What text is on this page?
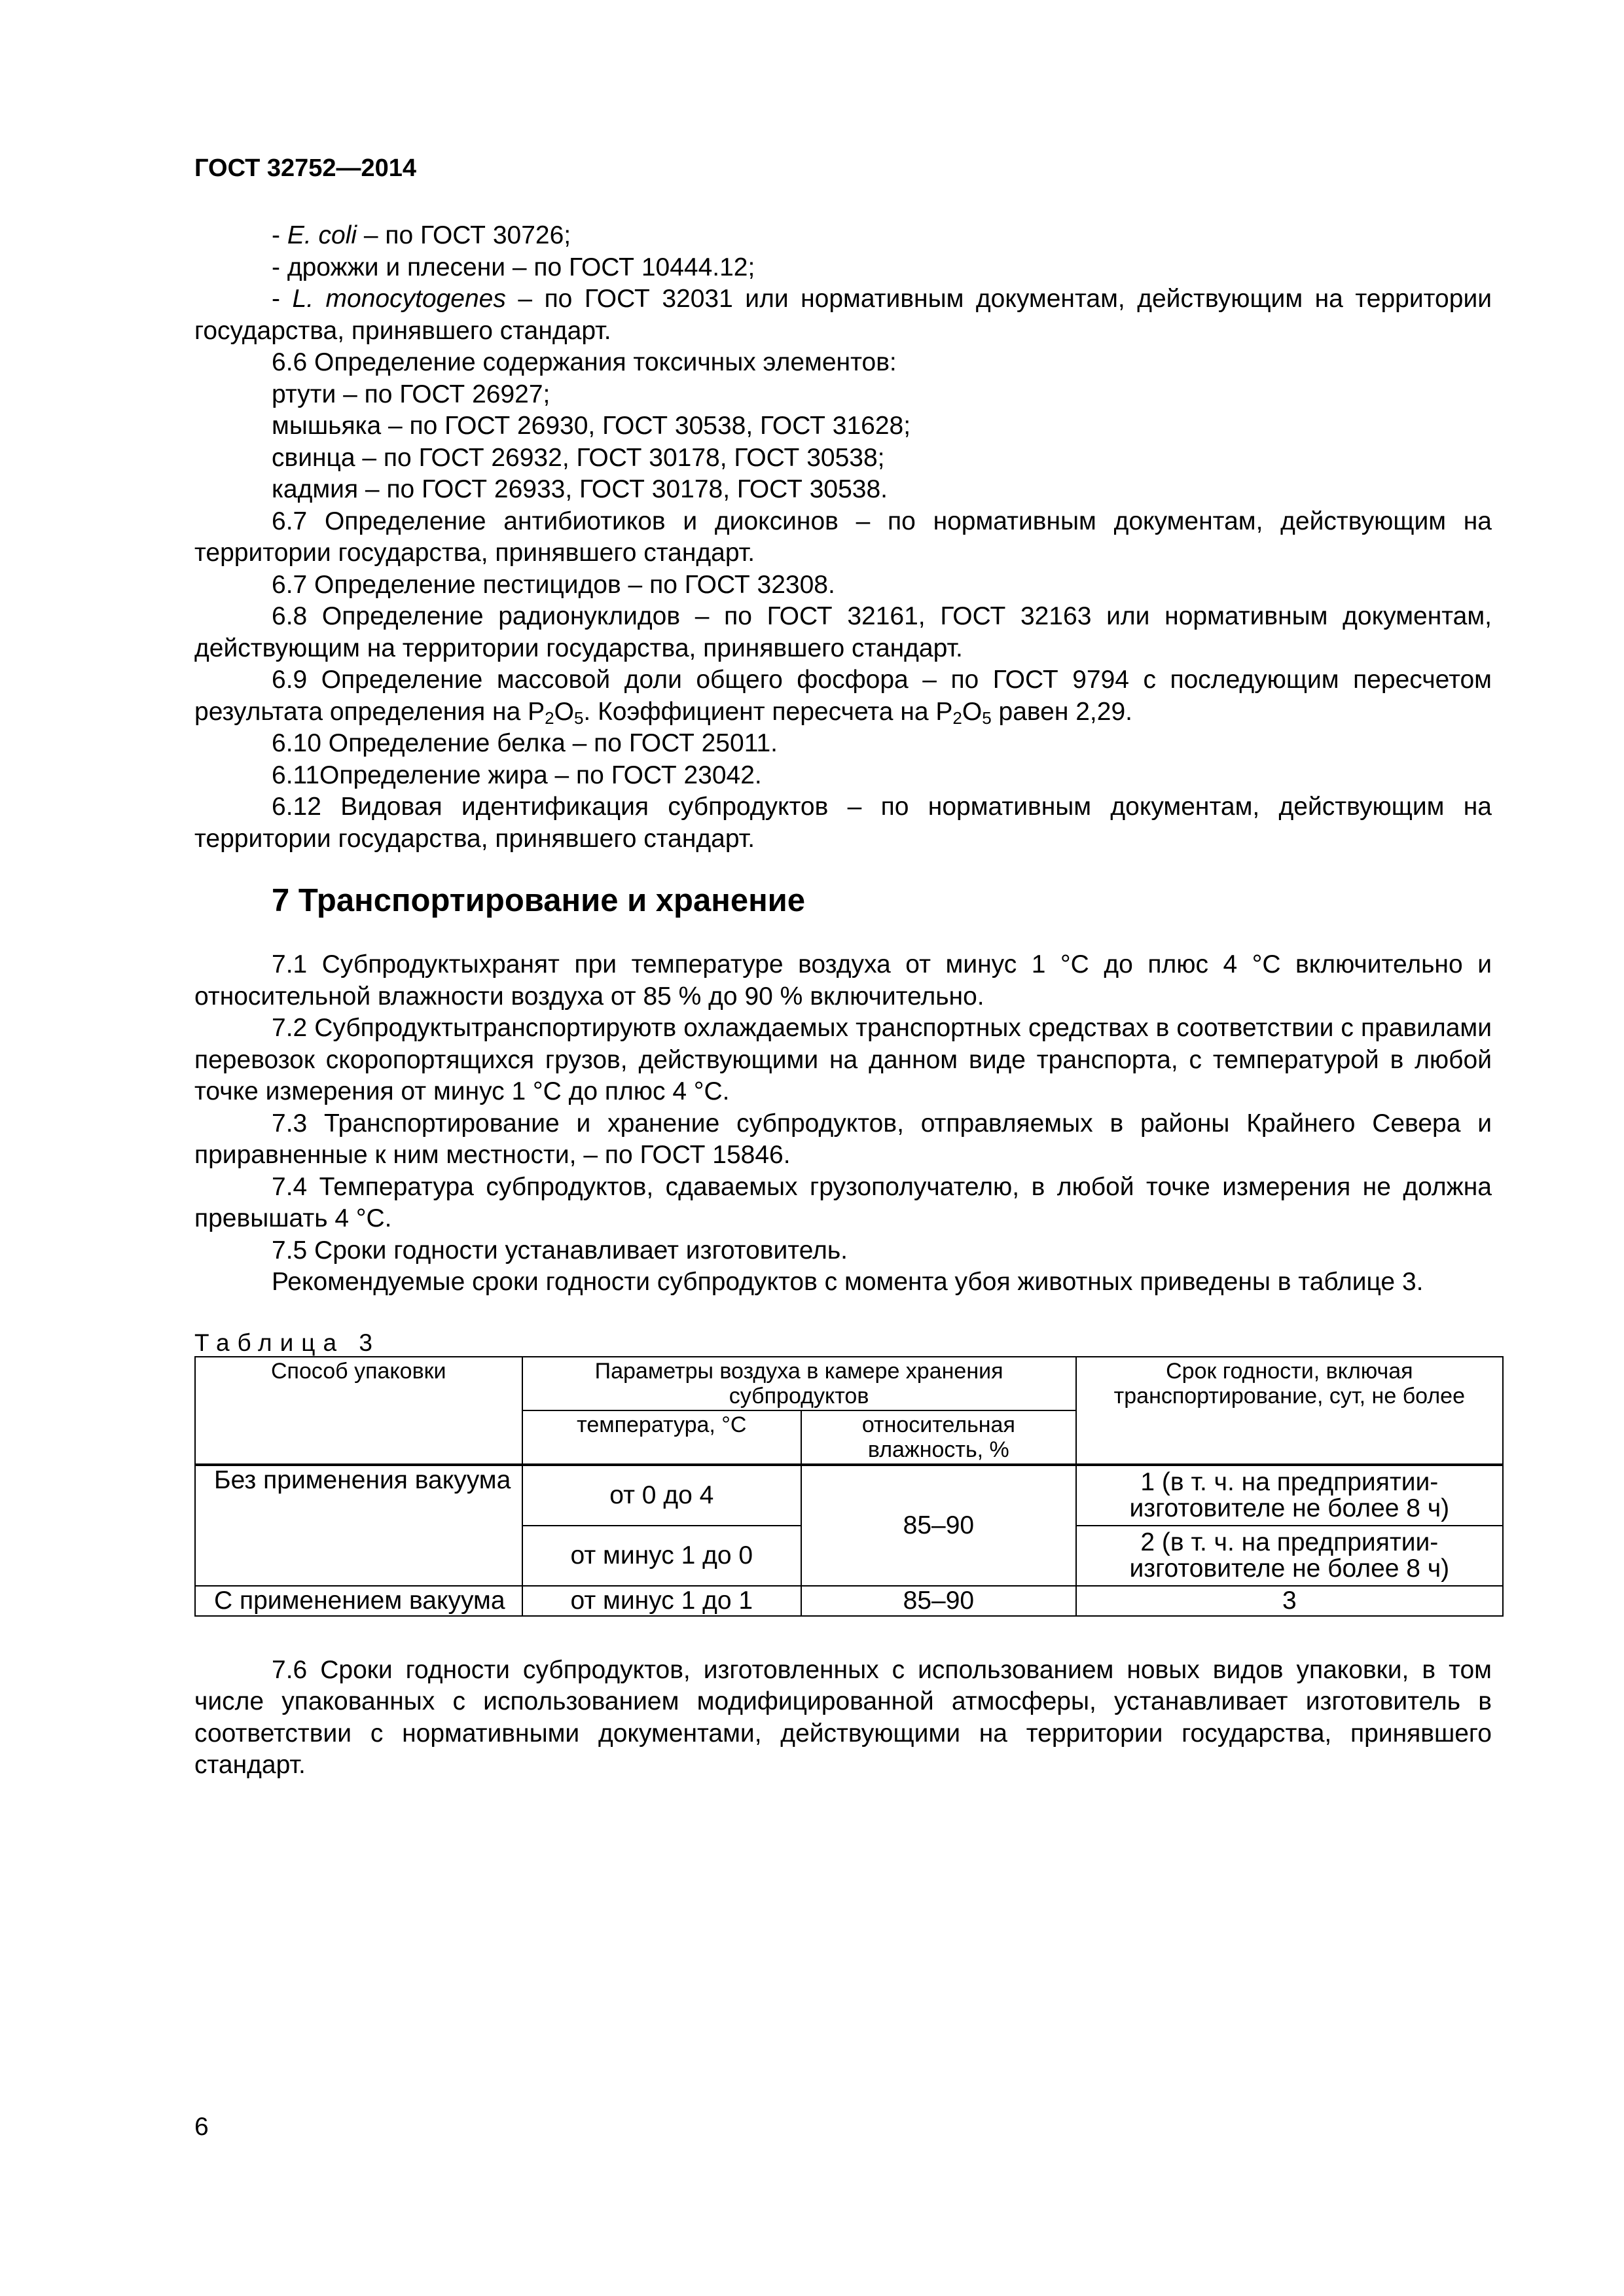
ГОСТ 32752—2014

- E. coli – по ГОСТ 30726;

- дрожжи и плесени – по ГОСТ 10444.12;

- L. monocytogenes – по ГОСТ 32031 или нормативным документам, действующим на территории государства, принявшего стандарт.

6.6 Определение содержания токсичных элементов:

ртути – по ГОСТ 26927;

мышьяка – по ГОСТ 26930, ГОСТ 30538, ГОСТ 31628;

свинца – по ГОСТ 26932, ГОСТ 30178, ГОСТ 30538;

кадмия – по ГОСТ 26933, ГОСТ 30178, ГОСТ 30538.

6.7 Определение антибиотиков и диоксинов – по нормативным документам, действующим на территории государства, принявшего стандарт.

6.7 Определение пестицидов – по ГОСТ 32308.

6.8 Определение радионуклидов – по ГОСТ 32161, ГОСТ 32163 или нормативным документам, действующим на территории государства, принявшего стандарт.

6.9 Определение массовой доли общего фосфора – по ГОСТ 9794 с последующим пересчетом результата определения на $P_2O_5$. Коэффициент пересчета на $P_2O_5$ равен 2,29.

6.10 Определение белка – по ГОСТ 25011.

6.11Определение жира – по ГОСТ 23042.

6.12 Видовая идентификация субпродуктов – по нормативным документам, действующим на территории государства, принявшего стандарт.

7 Транспортирование и хранение

7.1 Субпродуктыхранят при температуре воздуха от минус 1 °С до плюс 4 °С включительно и относительной влажности воздуха от 85 % до 90 % включительно.

7.2 Субпродуктытранспортируютв охлаждаемых транспортных средствах в соответствии с правилами перевозок скоропортящихся грузов, действующими на данном виде транспорта, с температурой в любой точке измерения от минус 1 °С до плюс 4 °С.

7.3 Транспортирование и хранение субпродуктов, отправляемых в районы Крайнего Севера и приравненные к ним местности, – по ГОСТ 15846.

7.4 Температура субпродуктов, сдаваемых грузополучателю, в любой точке измерения не должна превышать 4 °С.

7.5 Сроки годности устанавливает изготовитель.

Рекомендуемые сроки годности субпродуктов с момента убоя животных приведены в таблице 3.

Таблица 3
Способ упаковки	Параметры воздуха в камере хранения субпродуктов		Срок годности, включая транспортирование, сут, не более
	температура, °С	относительная влажность, %	
Без применения вакуума	от 0 до 4	85–90	1 (в т. ч. на предприятии-изготовителе не более 8 ч)
	от минус 1 до 0		2 (в т. ч. на предприятии-изготовителе не более 8 ч)
С применением вакуума	от минус 1 до 1	85–90	3

7.6 Сроки годности субпродуктов, изготовленных с использованием новых видов упаковки, в том числе упакованных с использованием модифицированной атмосферы, устанавливает изготовитель в соответствии с нормативными документами, действующими на территории государства, принявшего стандарт.

6
